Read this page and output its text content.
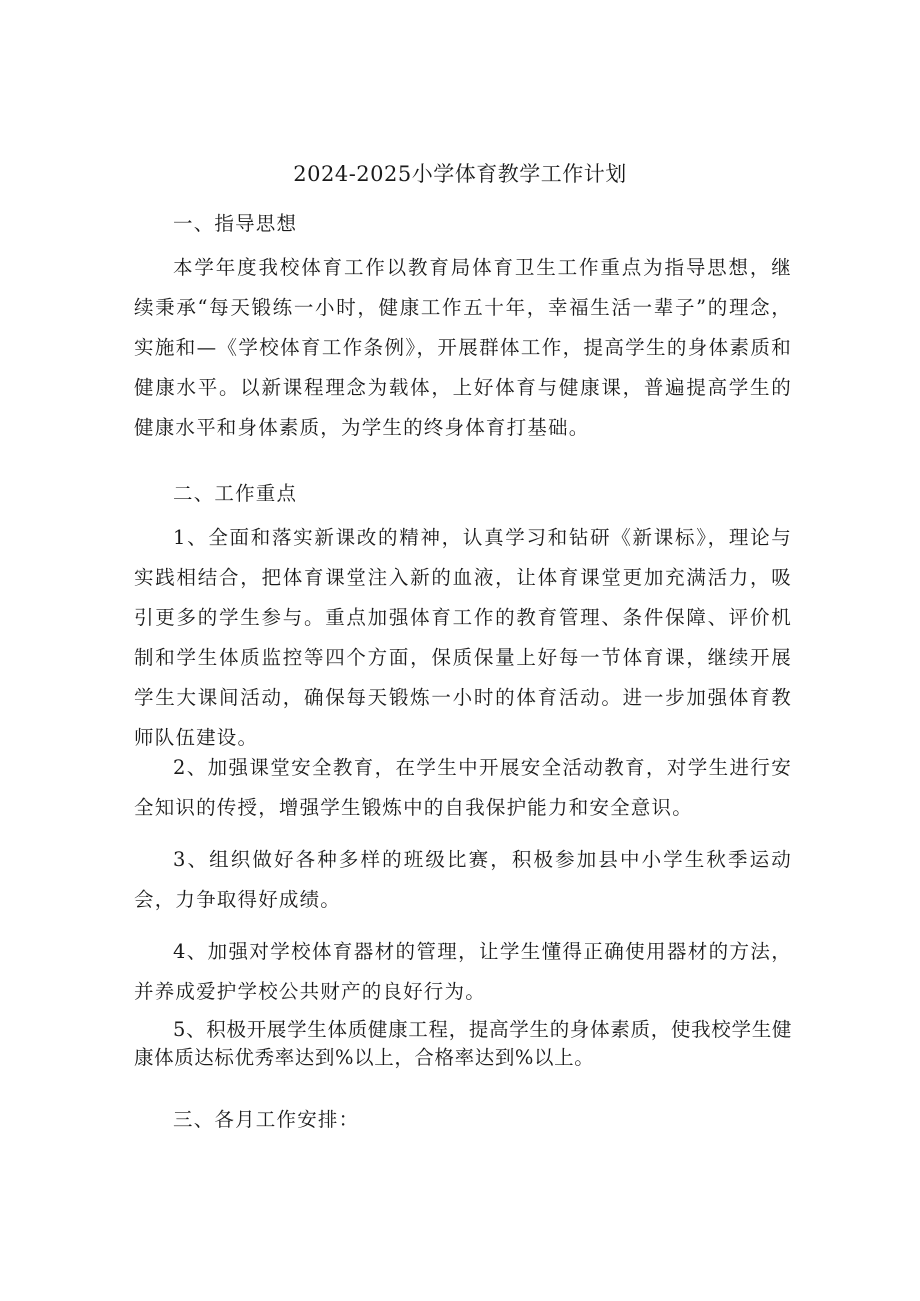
2024-2025小学体育教学工作计划

一、指导思想

本学年度我校体育工作以教育局体育卫生工作重点为指导思想，继续秉承“每天锻练一小时，健康工作五十年，幸福生活一辈子”的理念，实施和—《学校体育工作条例》，开展群体工作，提高学生的身体素质和健康水平。以新课程理念为载体，上好体育与健康课，普遍提高学生的健康水平和身体素质，为学生的终身体育打基础。

二、工作重点

1、全面和落实新课改的精神，认真学习和钻研《新课标》，理论与实践相结合，把体育课堂注入新的血液，让体育课堂更加充满活力，吸引更多的学生参与。重点加强体育工作的教育管理、条件保障、评价机制和学生体质监控等四个方面，保质保量上好每一节体育课，继续开展学生大课间活动，确保每天锻炼一小时的体育活动。进一步加强体育教师队伍建设。

2、加强课堂安全教育，在学生中开展安全活动教育，对学生进行安全知识的传授，增强学生锻炼中的自我保护能力和安全意识。

3、组织做好各种多样的班级比赛，积极参加县中小学生秋季运动会，力争取得好成绩。

4、加强对学校体育器材的管理，让学生懂得正确使用器材的方法，并养成爱护学校公共财产的良好行为。

5、积极开展学生体质健康工程，提高学生的身体素质，使我校学生健康体质达标优秀率达到%以上，合格率达到%以上。

三、各月工作安排：
